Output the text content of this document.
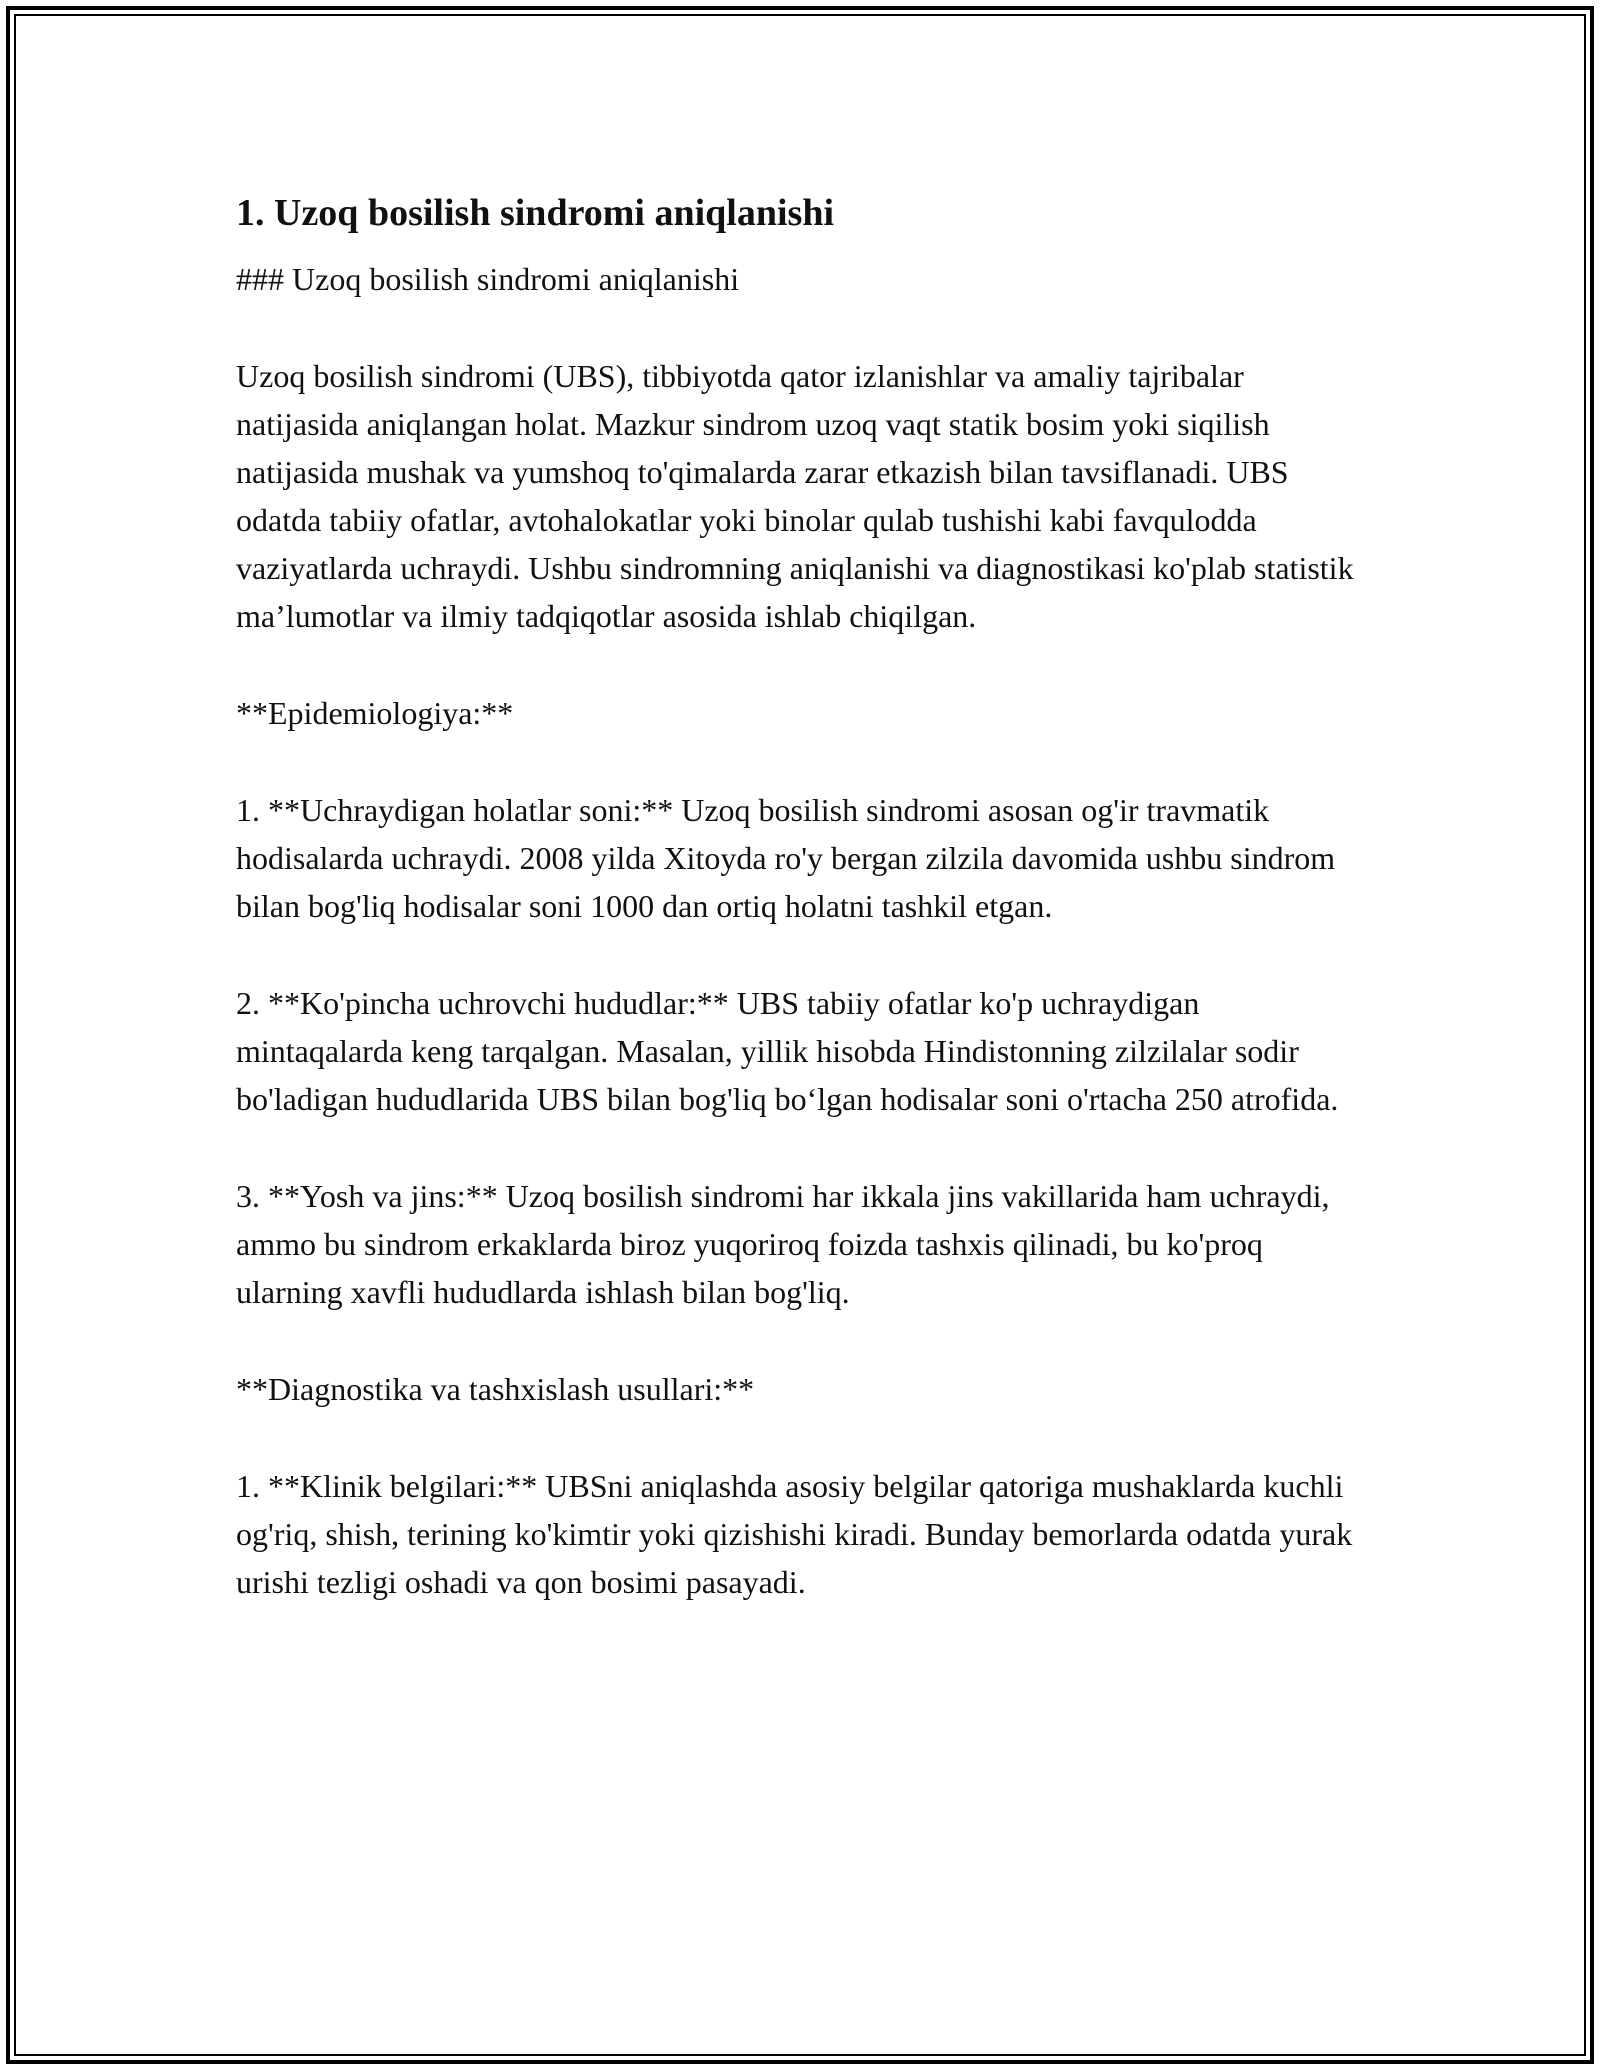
1. Uzoq bosilish sindromi aniqlanishi

### Uzoq bosilish sindromi aniqlanishi

Uzoq bosilish sindromi (UBS), tibbiyotda qator izlanishlar va amaliy tajribalar natijasida aniqlangan holat. Mazkur sindrom uzoq vaqt statik bosim yoki siqilish natijasida mushak va yumshoq to'qimalarda zarar etkazish bilan tavsiflanadi. UBS odatda tabiiy ofatlar, avtohalokatlar yoki binolar qulab tushishi kabi favqulodda vaziyatlarda uchraydi. Ushbu sindromning aniqlanishi va diagnostikasi ko'plab statistik ma’lumotlar va ilmiy tadqiqotlar asosida ishlab chiqilgan.

**Epidemiologiya:**

1. **Uchraydigan holatlar soni:** Uzoq bosilish sindromi asosan og'ir travmatik hodisalarda uchraydi. 2008 yilda Xitoyda ro'y bergan zilzila davomida ushbu sindrom bilan bog'liq hodisalar soni 1000 dan ortiq holatni tashkil etgan.

2. **Ko'pincha uchrovchi hududlar:** UBS tabiiy ofatlar ko'p uchraydigan mintaqalarda keng tarqalgan. Masalan, yillik hisobda Hindistonning zilzilalar sodir bo'ladigan hududlarida UBS bilan bog'liq bo‘lgan hodisalar soni o'rtacha 250 atrofida.

3. **Yosh va jins:** Uzoq bosilish sindromi har ikkala jins vakillarida ham uchraydi, ammo bu sindrom erkaklarda biroz yuqoriroq foizda tashxis qilinadi, bu ko'proq ularning xavfli hududlarda ishlash bilan bog'liq.

**Diagnostika va tashxislash usullari:**

1. **Klinik belgilari:** UBSni aniqlashda asosiy belgilar qatoriga mushaklarda kuchli og'riq, shish, terining ko'kimtir yoki qizishishi kiradi. Bunday bemorlarda odatda yurak urishi tezligi oshadi va qon bosimi pasayadi.
